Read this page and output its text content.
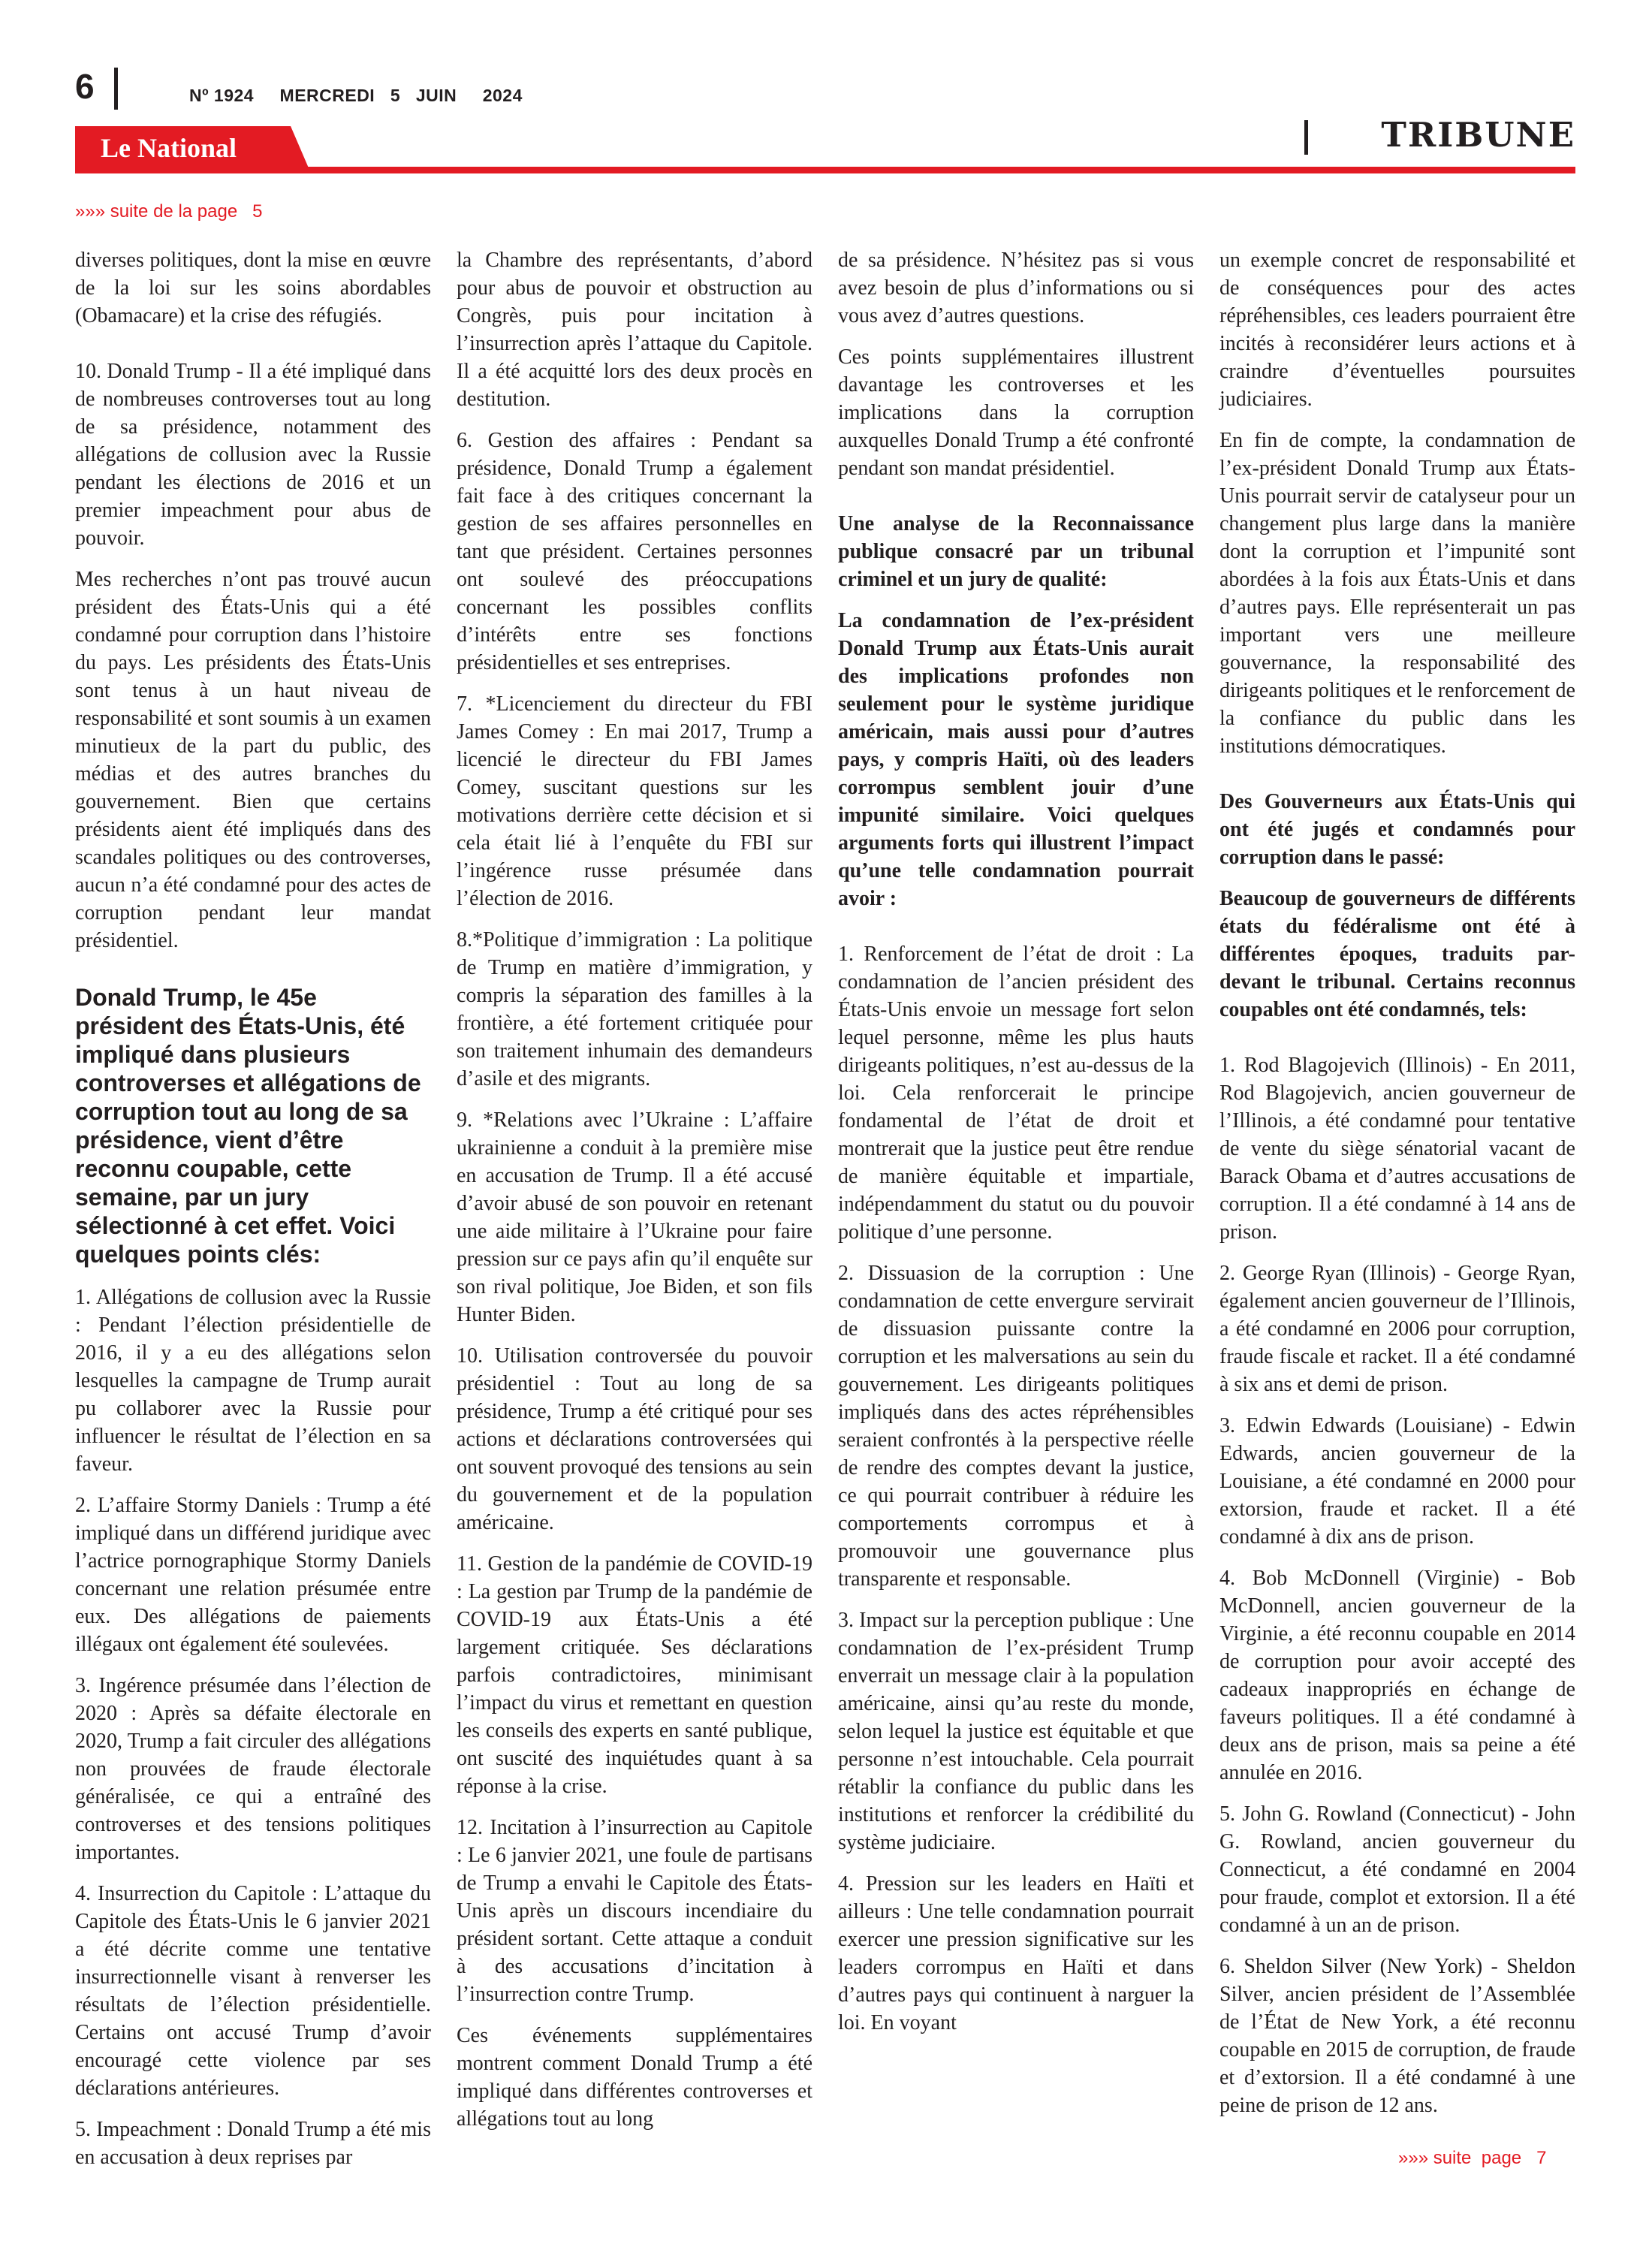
6	Nº 1924 MERCREDI 5 JUIN 2024
Le National	TRIBUNE
»»» suite de la page   5

diverses politiques, dont la mise en œuvre de la loi sur les soins abordables (Obamacare) et la crise des réfugiés.

10. Donald Trump - Il a été impliqué dans de nombreuses controverses tout au long de sa présidence, notamment des allégations de collusion avec la Russie pendant les élections de 2016 et un premier impeachment pour abus de pouvoir.

Mes recherches n’ont pas trouvé aucun président des États-Unis qui a été condamné pour corruption dans l’histoire du pays. Les présidents des États-Unis sont tenus à un haut niveau de responsabilité et sont soumis à un examen minutieux de la part du public, des médias et des autres branches du gouvernement. Bien que certains présidents aient été impliqués dans des scandales politiques ou des controverses, aucun n’a été condamné pour des actes de corruption pendant leur mandat présidentiel.

Donald Trump, le 45e président des États-Unis, été impliqué dans plusieurs controverses et allégations de corruption tout au long de sa présidence, vient d’être reconnu coupable, cette semaine, par un jury sélectionné à cet effet. Voici quelques points clés:

1. Allégations de collusion avec la Russie : Pendant l’élection présidentielle de 2016, il y a eu des allégations selon lesquelles la campagne de Trump aurait pu collaborer avec la Russie pour influencer le résultat de l’élection en sa faveur.

2. L’affaire Stormy Daniels : Trump a été impliqué dans un différend juridique avec l’actrice pornographique Stormy Daniels concernant une relation présumée entre eux. Des allégations de paiements illégaux ont également été soulevées.

3. Ingérence présumée dans l’élection de 2020 : Après sa défaite électorale en 2020, Trump a fait circuler des allégations non prouvées de fraude électorale généralisée, ce qui a entraîné des controverses et des tensions politiques importantes.

4. Insurrection du Capitole : L’attaque du Capitole des États-Unis le 6 janvier 2021 a été décrite comme une tentative insurrectionnelle visant à renverser les résultats de l’élection présidentielle. Certains ont accusé Trump d’avoir encouragé cette violence par ses déclarations antérieures.

5. Impeachment : Donald Trump a été mis en accusation à deux reprises par

la Chambre des représentants, d’abord pour abus de pouvoir et obstruction au Congrès, puis pour incitation à l’insurrection après l’attaque du Capitole. Il a été acquitté lors des deux procès en destitution.

6. Gestion des affaires : Pendant sa présidence, Donald Trump a également fait face à des critiques concernant la gestion de ses affaires personnelles en tant que président. Certaines personnes ont soulevé des préoccupations concernant les possibles conflits d’intérêts entre ses fonctions présidentielles et ses entreprises.

7. *Licenciement du directeur du FBI James Comey : En mai 2017, Trump a licencié le directeur du FBI James Comey, suscitant questions sur les motivations derrière cette décision et si cela était lié à l’enquête du FBI sur l’ingérence russe présumée dans l’élection de 2016.

8.*Politique d’immigration : La politique de Trump en matière d’immigration, y compris la séparation des familles à la frontière, a été fortement critiquée pour son traitement inhumain des demandeurs d’asile et des migrants.

9. *Relations avec l’Ukraine : L’affaire ukrainienne a conduit à la première mise en accusation de Trump. Il a été accusé d’avoir abusé de son pouvoir en retenant une aide militaire à l’Ukraine pour faire pression sur ce pays afin qu’il enquête sur son rival politique, Joe Biden, et son fils Hunter Biden.

10. Utilisation controversée du pouvoir présidentiel : Tout au long de sa présidence, Trump a été critiqué pour ses actions et déclarations controversées qui ont souvent provoqué des tensions au sein du gouvernement et de la population américaine.

11. Gestion de la pandémie de COVID-19 : La gestion par Trump de la pandémie de COVID-19 aux États-Unis a été largement critiquée. Ses déclarations parfois contradictoires, minimisant l’impact du virus et remettant en question les conseils des experts en santé publique, ont suscité des inquiétudes quant à sa réponse à la crise.

12. Incitation à l’insurrection au Capitole : Le 6 janvier 2021, une foule de partisans de Trump a envahi le Capitole des États-Unis après un discours incendiaire du président sortant. Cette attaque a conduit à des accusations d’incitation à l’insurrection contre Trump.

Ces événements supplémentaires montrent comment Donald Trump a été impliqué dans différentes controverses et allégations tout au long

de sa présidence. N’hésitez pas si vous avez besoin de plus d’informations ou si vous avez d’autres questions.

Ces points supplémentaires illustrent davantage les controverses et les implications dans la corruption auxquelles Donald Trump a été confronté pendant son mandat présidentiel.

Une analyse de la Reconnaissance publique consacré par un tribunal criminel et un jury de qualité:

La condamnation de l’ex-président Donald Trump aux États-Unis aurait des implications profondes non seulement pour le système juridique américain, mais aussi pour d’autres pays, y compris Haïti, où des leaders corrompus semblent jouir d’une impunité similaire. Voici quelques arguments forts qui illustrent l’impact qu’une telle condamnation pourrait avoir :

1. Renforcement de l’état de droit : La condamnation de l’ancien président des États-Unis envoie un message fort selon lequel personne, même les plus hauts dirigeants politiques, n’est au-dessus de la loi. Cela renforcerait le principe fondamental de l’état de droit et montrerait que la justice peut être rendue de manière équitable et impartiale, indépendamment du statut ou du pouvoir politique d’une personne.

2. Dissuasion de la corruption : Une condamnation de cette envergure servirait de dissuasion puissante contre la corruption et les malversations au sein du gouvernement. Les dirigeants politiques impliqués dans des actes répréhensibles seraient confrontés à la perspective réelle de rendre des comptes devant la justice, ce qui pourrait contribuer à réduire les comportements corrompus et à promouvoir une gouvernance plus transparente et responsable.

3. Impact sur la perception publique : Une condamnation de l’ex-président Trump enverrait un message clair à la population américaine, ainsi qu’au reste du monde, selon lequel la justice est équitable et que personne n’est intouchable. Cela pourrait rétablir la confiance du public dans les institutions et renforcer la crédibilité du système judiciaire.

4. Pression sur les leaders en Haïti et ailleurs : Une telle condamnation pourrait exercer une pression significative sur les leaders corrompus en Haïti et dans d’autres pays qui continuent à narguer la loi. En voyant

un exemple concret de responsabilité et de conséquences pour des actes répréhensibles, ces leaders pourraient être incités à reconsidérer leurs actions et à craindre d’éventuelles poursuites judiciaires.

En fin de compte, la condamnation de l’ex-président Donald Trump aux États-Unis pourrait servir de catalyseur pour un changement plus large dans la manière dont la corruption et l’impunité sont abordées à la fois aux États-Unis et dans d’autres pays. Elle représenterait un pas important vers une meilleure gouvernance, la responsabilité des dirigeants politiques et le renforcement de la confiance du public dans les institutions démocratiques.

Des Gouverneurs aux États-Unis qui ont été jugés et condamnés pour corruption dans le passé:

Beaucoup de gouverneurs de différents états du fédéralisme ont été à différentes époques, traduits par-devant le tribunal. Certains reconnus coupables ont été condamnés, tels:

1. Rod Blagojevich (Illinois) - En 2011, Rod Blagojevich, ancien gouverneur de l’Illinois, a été condamné pour tentative de vente du siège sénatorial vacant de Barack Obama et d’autres accusations de corruption. Il a été condamné à 14 ans de prison.

2. George Ryan (Illinois) - George Ryan, également ancien gouverneur de l’Illinois, a été condamné en 2006 pour corruption, fraude fiscale et racket. Il a été condamné à six ans et demi de prison.

3. Edwin Edwards (Louisiane) - Edwin Edwards, ancien gouverneur de la Louisiane, a été condamné en 2000 pour extorsion, fraude et racket. Il a été condamné à dix ans de prison.

4. Bob McDonnell (Virginie) - Bob McDonnell, ancien gouverneur de la Virginie, a été reconnu coupable en 2014 de corruption pour avoir accepté des cadeaux inappropriés en échange de faveurs politiques. Il a été condamné à deux ans de prison, mais sa peine a été annulée en 2016.

5. John G. Rowland (Connecticut) - John G. Rowland, ancien gouverneur du Connecticut, a été condamné en 2004 pour fraude, complot et extorsion. Il a été condamné à un an de prison.

6. Sheldon Silver (New York) - Sheldon Silver, ancien président de l’Assemblée de l’État de New York, a été reconnu coupable en 2015 de corruption, de fraude et d’extorsion. Il a été condamné à une peine de prison de 12 ans.

»»» suite  page   7
